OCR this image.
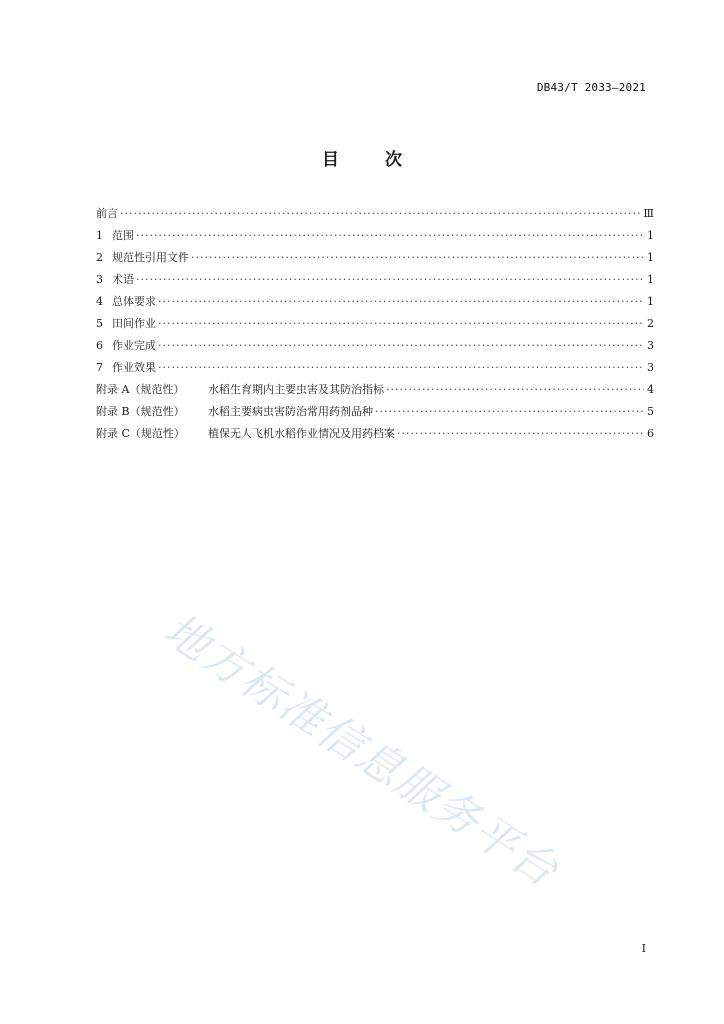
DB43/T 2033—2021
目	次
前言 ·····	Ⅲ
1 范围 ·····	1
2 规范性引用文件 ·····	1
3 术语 ·····	1
4 总体要求 ·····	1
5 田间作业 ·····	2
6 作业完成 ·····	3
7 作业效果 ·····	3
附录 A（规范性）	水稻生育期内主要虫害及其防治指标 ·····	4
附录 B（规范性）	水稻主要病虫害防治常用药剂品种 ·····	5
附录 C（规范性）	植保无人飞机水稻作业情况及用药档案 ·····	6
地方标准信息服务平台
I
